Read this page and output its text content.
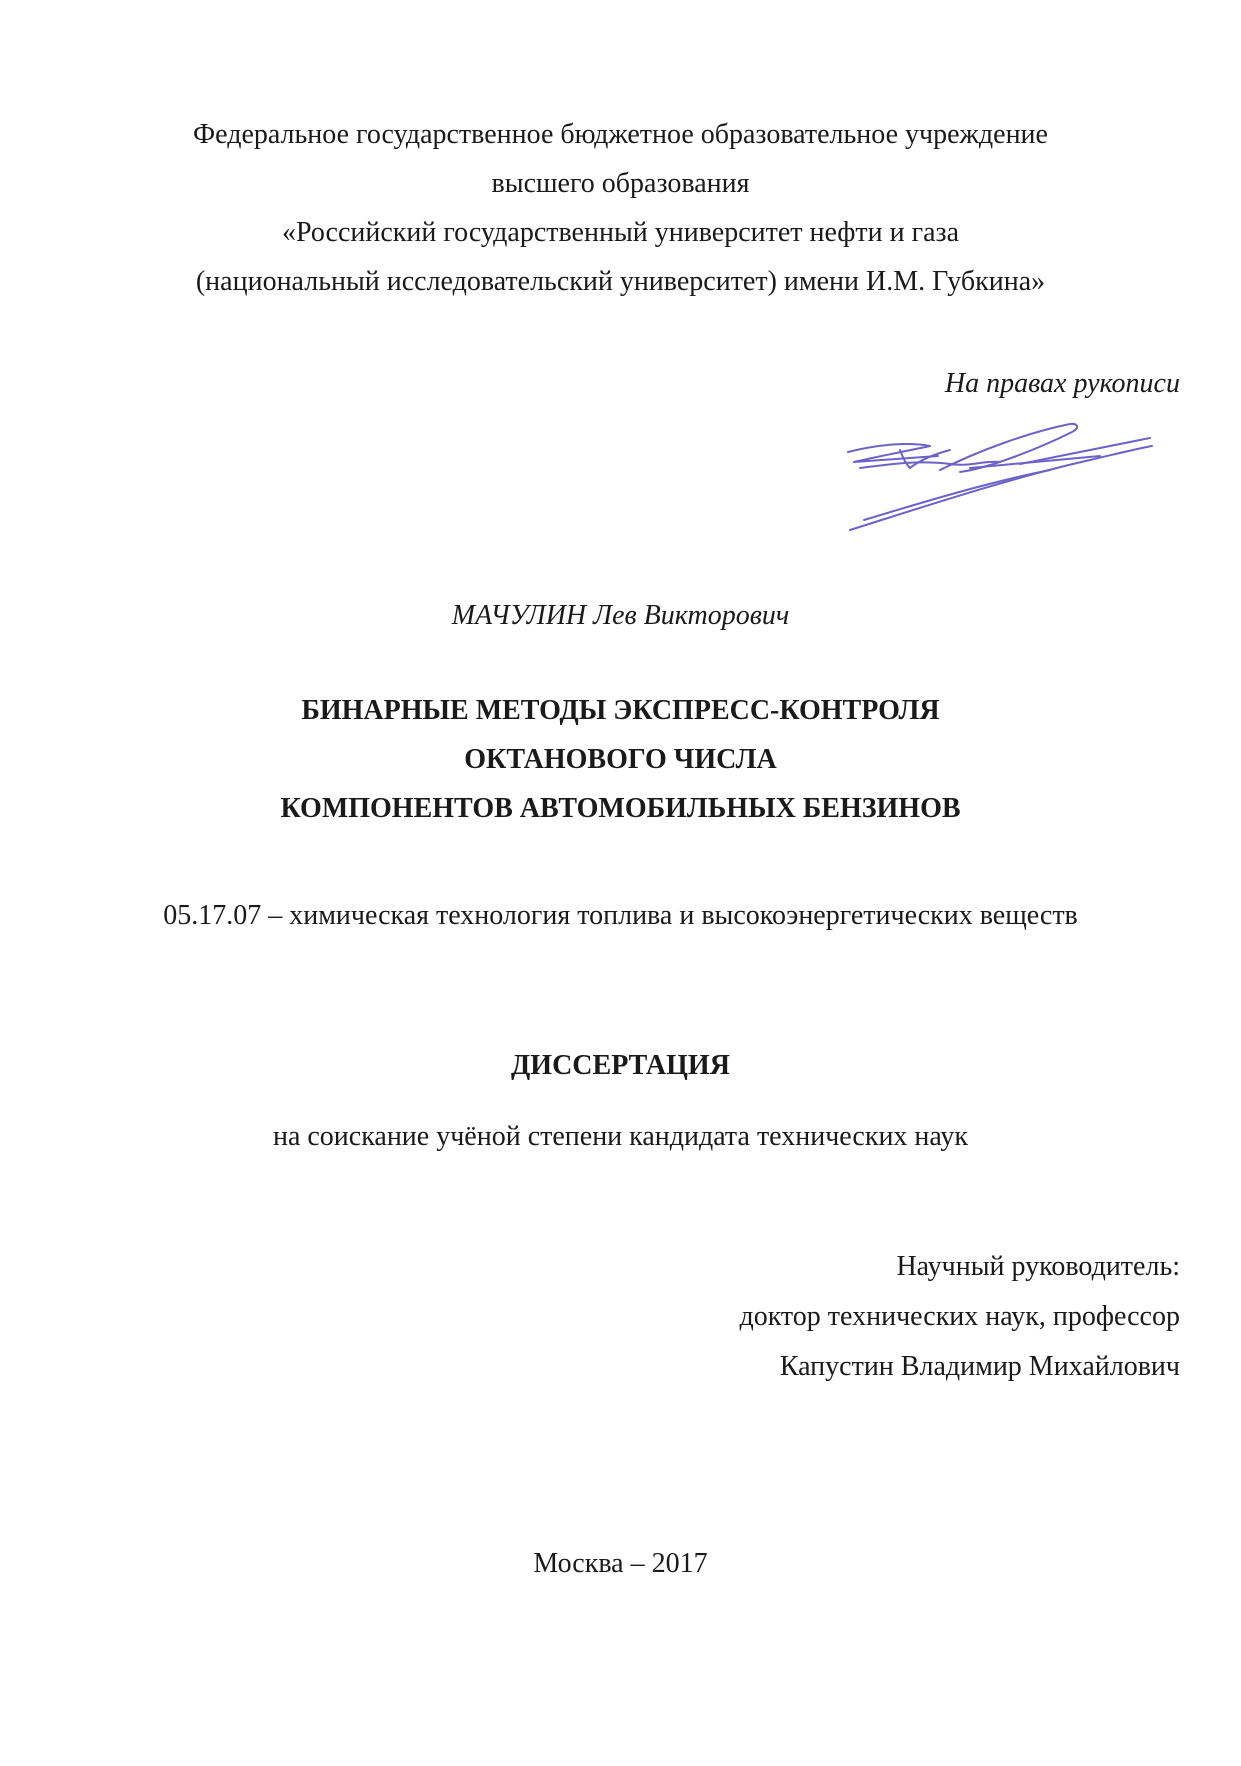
Федеральное государственное бюджетное образовательное учреждение
высшего образования
«Российский государственный университет нефти и газа
(национальный исследовательский университет) имени И.М. Губкина»
На правах рукописи
МАЧУЛИН Лев Викторович
БИНАРНЫЕ МЕТОДЫ ЭКСПРЕСС-КОНТРОЛЯ
ОКТАНОВОГО ЧИСЛА
КОМПОНЕНТОВ АВТОМОБИЛЬНЫХ БЕНЗИНОВ
05.17.07 – химическая технология топлива и высокоэнергетических веществ
ДИССЕРТАЦИЯ
на соискание учёной степени кандидата технических наук
Научный руководитель:
доктор технических наук, профессор
Капустин Владимир Михайлович
Москва – 2017
